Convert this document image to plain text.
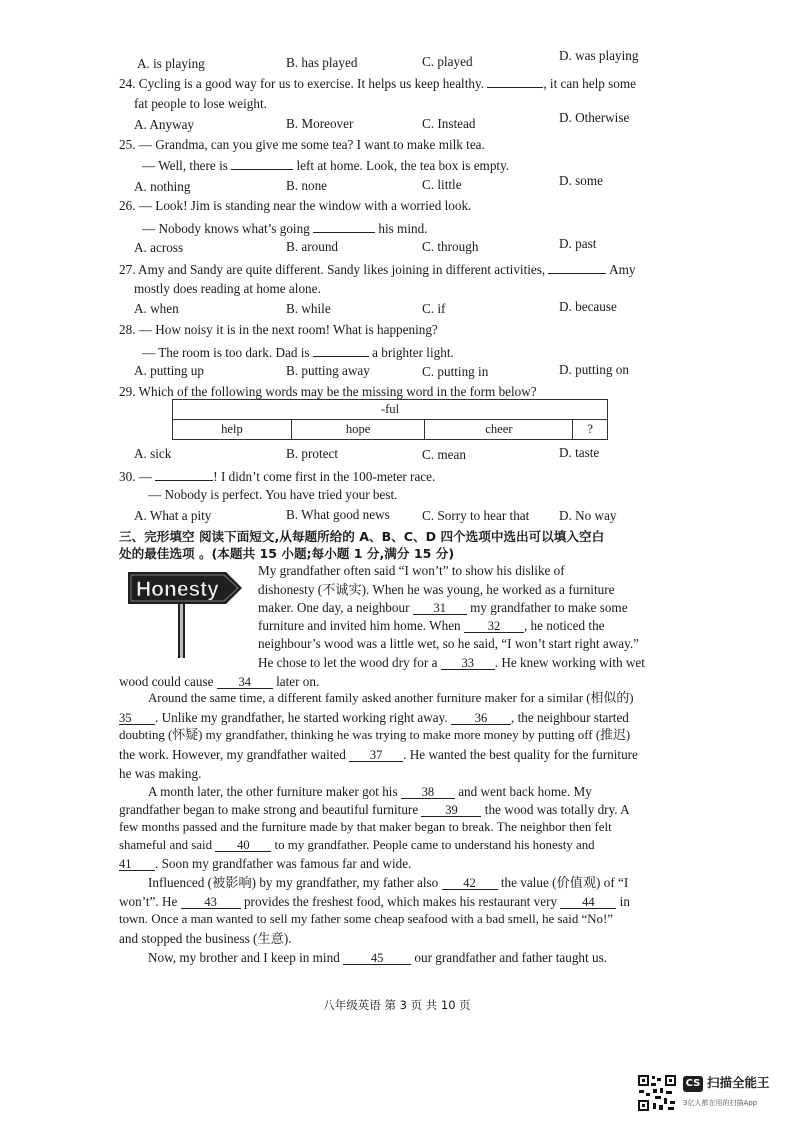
A. is playing	B. has played	C. played	D. was playing
24. Cycling is a good way for us to exercise. It helps us keep healthy.	, it can help some
fat people to lose weight.
A. Anyway	B. Moreover	C. Instead	D. Otherwise
25. — Grandma, can you give me some tea? I want to make milk tea.
— Well, there is	left at home. Look, the tea box is empty.
A. nothing	B. none	C. little	D. some
26. — Look! Jim is standing near the window with a worried look.
— Nobody knows what’s going	his mind.
A. across	B. around	C. through	D. past
27. Amy and Sandy are quite different. Sandy likes joining in different activities,	Amy
mostly does reading at home alone.
A. when	B. while	C. if	D. because
28. — How noisy it is in the next room! What is happening?
— The room is too dark. Dad is	a brighter light.
A. putting up	B. putting away	C. putting in	D. putting on
29. Which of the following words may be the missing word in the form below?
-ful
help	hope	cheer	?
A. sick	B. protect	C. mean	D. taste
30. —	! I didn’t come first in the 100-meter race.
— Nobody is perfect. You have tried your best.
A. What a pity	B. What good news C. Sorry to hear that D. No way
三、完形填空 阅读下面短文,从每题所给的 A、B、C、D 四个选项中选出可以填入空白
处的最佳选项 。(本题共 15 小题;每小题 1 分,满分 15 分)
Honesty
My grandfather often said “I won’t” to show his dislike of
dishonesty (不诚实). When he was young, he worked as a furniture
maker. One day, a neighbour 31 my grandfather to make some
furniture and invited him home. When 32 , he noticed the
neighbour’s wood was a little wet, so he said, “I won’t start right away.”
He chose to let the wood dry for a 33 . He knew working with wet
wood could cause 34 later on.
Around the same time, a different family asked another furniture maker for a similar (相似的)
35 . Unlike my grandfather, he started working right away. 36 , the neighbour started
doubting (怀疑) my grandfather, thinking he was trying to make more money by putting off (推迟)
the work. However, my grandfather waited 37 . He wanted the best quality for the furniture
he was making.
A month later, the other furniture maker got his 38 and went back home. My
grandfather began to make strong and beautiful furniture 39 the wood was totally dry. A
few months passed and the furniture made by that maker began to break. The neighbor then felt
shameful and said 40 to my grandfather. People came to understand his honesty and
41 . Soon my grandfather was famous far and wide.
Influenced (被影响) by my grandfather, my father also 42 the value (价值观) of “I
won’t”. He 43 provides the freshest food, which makes his restaurant very 44 in
town. Once a man wanted to sell my father some cheap seafood with a bad smell, he said “No!”
and stopped the business (生意).
Now, my brother and I keep in mind 45 our grandfather and father taught us.
八年级英语 第 3 页 共 10 页
CS 扫描全能王
3亿人都在用的扫描App
